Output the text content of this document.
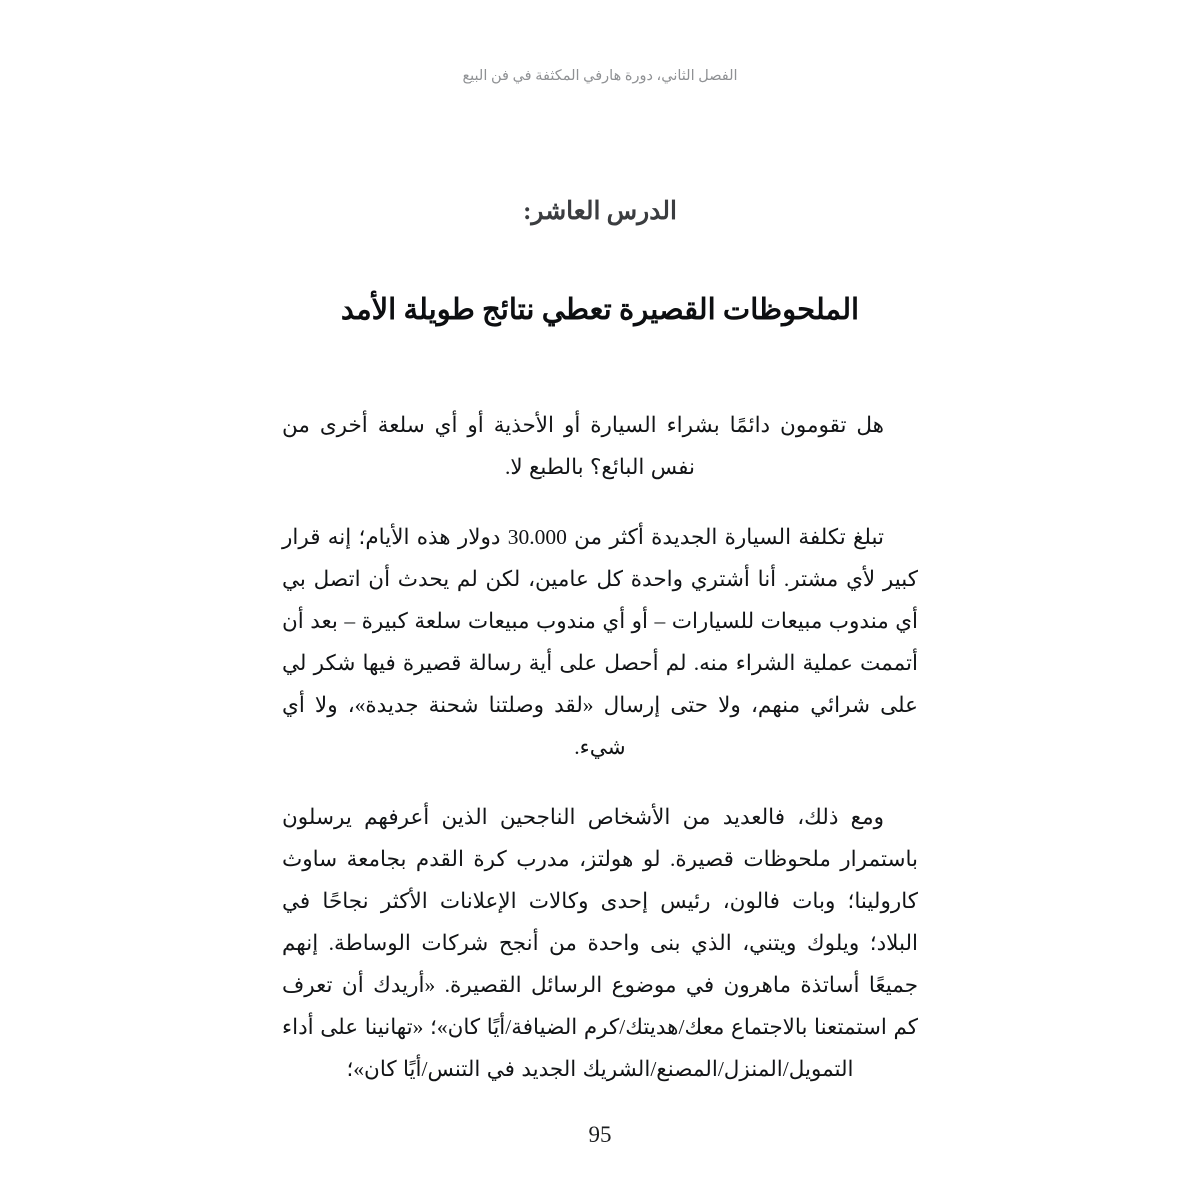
الفصل الثاني، دورة هارفي المكثفة في فن البيع
الدرس العاشر:
الملحوظات القصيرة تعطي نتائج طويلة الأمد

هل تقومون دائمًا بشراء السيارة أو الأحذية أو أي سلعة أخرى من نفس البائع؟ بالطبع لا.

تبلغ تكلفة السيارة الجديدة أكثر من 30.000 دولار هذه الأيام؛ إنه قرار كبير لأي مشتر. أنا أشتري واحدة كل عامين، لكن لم يحدث أن اتصل بي أي مندوب مبيعات للسيارات – أو أي مندوب مبيعات سلعة كبيرة – بعد أن أتممت عملية الشراء منه. لم أحصل على أية رسالة قصيرة فيها شكر لي على شرائي منهم، ولا حتى إرسال «لقد وصلتنا شحنة جديدة»، ولا أي شيء.

ومع ذلك، فالعديد من الأشخاص الناجحين الذين أعرفهم يرسلون باستمرار ملحوظات قصيرة. لو هولتز، مدرب كرة القدم بجامعة ساوث كارولينا؛ وبات فالون، رئيس إحدى وكالات الإعلانات الأكثر نجاحًا في البلاد؛ ويلوك ويتني، الذي بنى واحدة من أنجح شركات الوساطة. إنهم جميعًا أساتذة ماهرون في موضوع الرسائل القصيرة. «أريدك أن تعرف كم استمتعنا بالاجتماع معك/هديتك/كرم الضيافة/أيًا كان»؛ «تهانينا على أداء التمويل/المنزل/المصنع/الشريك الجديد في التنس/أيًا كان»؛

95
